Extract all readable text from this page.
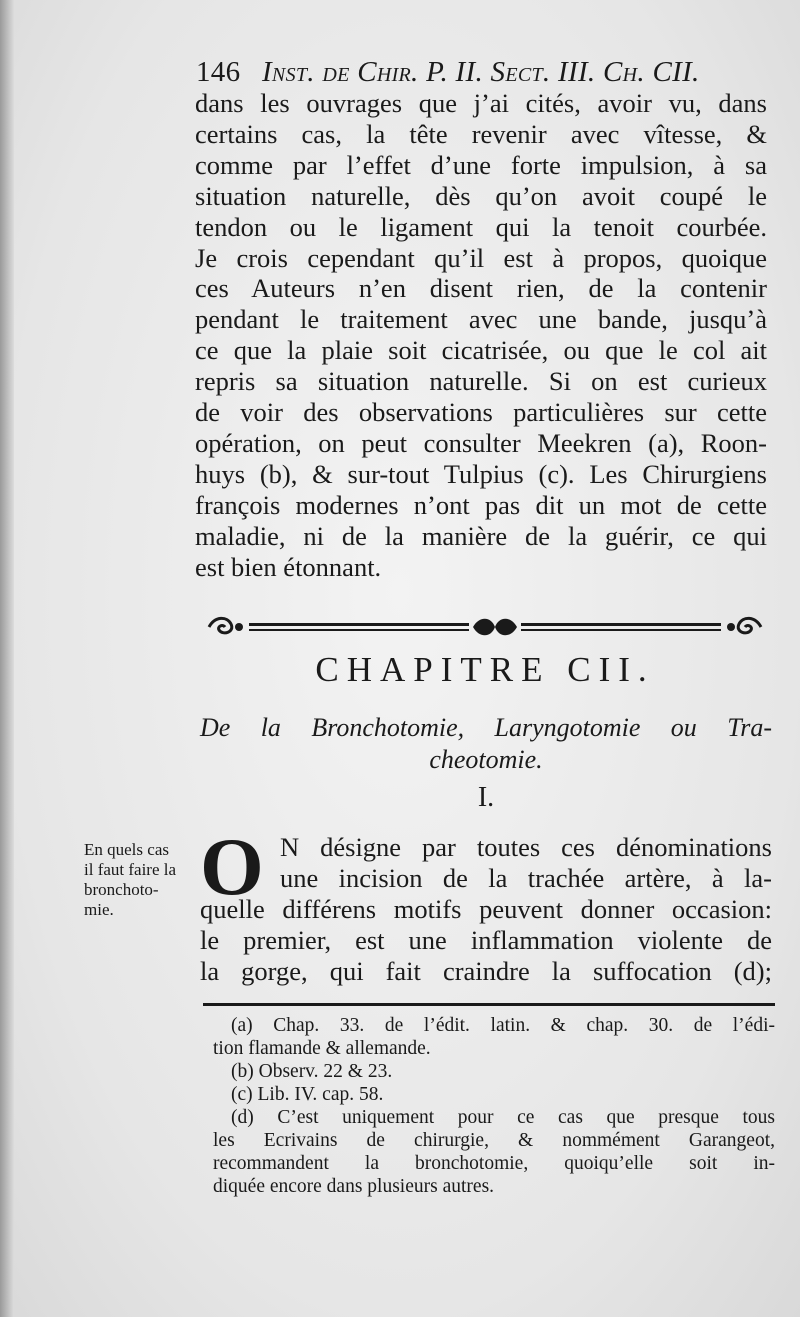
146 Inst. de Chir. P. II. Sect. III. Ch. CII.
dans les ouvrages que j’ai cités, avoir vu, dans
certains cas, la tête revenir avec vîtesse, &
comme par l’effet d’une forte impulsion, à sa
situation naturelle, dès qu’on avoit coupé le
tendon ou le ligament qui la tenoit courbée.
Je crois cependant qu’il est à propos, quoique
ces Auteurs n’en disent rien, de la contenir
pendant le traitement avec une bande, jusqu’à
ce que la plaie soit cicatrisée, ou que le col ait
repris sa situation naturelle. Si on est curieux
de voir des observations particulières sur cette
opération, on peut consulter Meekren (a), Roon-
huys (b), & sur-tout Tulpius (c). Les Chirurgiens
françois modernes n’ont pas dit un mot de cette
maladie, ni de la manière de la guérir, ce qui
est bien étonnant.
CHAPITRE CII.
De la Bronchotomie, Laryngotomie ou Tra-
cheotomie.
I.
En quels cas
il faut faire la
bronchoto-
mie.	O N désigne par toutes ces dénominations
une incision de la trachée artère, à la-
quelle différens motifs peuvent donner occasion:
le premier, est une inflammation violente de
la gorge, qui fait craindre la suffocation (d);
(a) Chap. 33. de l’édit. latin. & chap. 30. de l’édi-
tion flamande & allemande.
(b) Observ. 22 & 23.
(c) Lib. IV. cap. 58.
(d) C’est uniquement pour ce cas que presque tous
les Ecrivains de chirurgie, & nommément Garangeot,
recommandent la bronchotomie, quoiqu’elle soit in-
diquée encore dans plusieurs autres.
